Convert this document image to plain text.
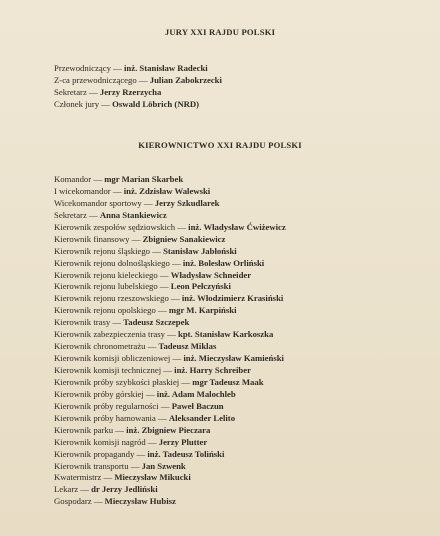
JURY XXI RAJDU POLSKI
Przewodniczący — inż. Stanisław Radecki
Z-ca przewodniczącego — Julian Zabokrzecki
Sekretarz — Jerzy Rzerzycha
Członek jury — Oswald Löbrich (NRD)
KIEROWNICTWO XXI RAJDU POLSKI
Komandor — mgr Marian Skarbek
I wicekomandor — inż. Zdzisław Walewski
Wicekomandor sportowy — Jerzy Szkudlarek
Sekretarz — Anna Stankiewicz
Kierownik zespołów sędziowskich — inż. Władysław Ćwiżewicz
Kierownik finansowy — Zbigniew Sanakiewicz
Kierownik rejonu śląskiego — Stanisław Jabłoński
Kierownik rejonu dolnośląskiego — inż. Bolesław Orliński
Kierownik rejonu kieleckiego — Władysław Schneider
Kierownik rejonu lubelskiego — Leon Pełczyński
Kierownik rejonu rzeszowskiego — inż. Włodzimierz Krasiński
Kierownik rejonu opolskiego — mgr M. Karpiński
Kierownik trasy — Tadeusz Szczepek
Kierownik zabezpieczenia trasy — kpt. Stanisław Karkoszka
Kierownik chronometrażu — Tadeusz Miklas
Kierownik komisji obliczeniowej — inż. Mieczysław Kamieński
Kierownik komisji technicznej — inż. Harry Schreiber
Kierownik próby szybkości płaskiej — mgr Tadeusz Maak
Kierownik próby górskiej — inż. Adam Malochleb
Kierownik próby regularności — Paweł Baczun
Kierownik próby hamowania — Aleksander Lelito
Kierownik parku — inż. Zbigniew Pieczara
Kierownik komisji nagród — Jerzy Plutter
Kierownik propagandy — inż. Tadeusz Toliński
Kierownik transportu — Jan Szwenk
Kwatermistrz — Mieczysław Mikucki
Lekarz — dr Jerzy Jedliński
Gospodarz — Mieczysław Hubisz
